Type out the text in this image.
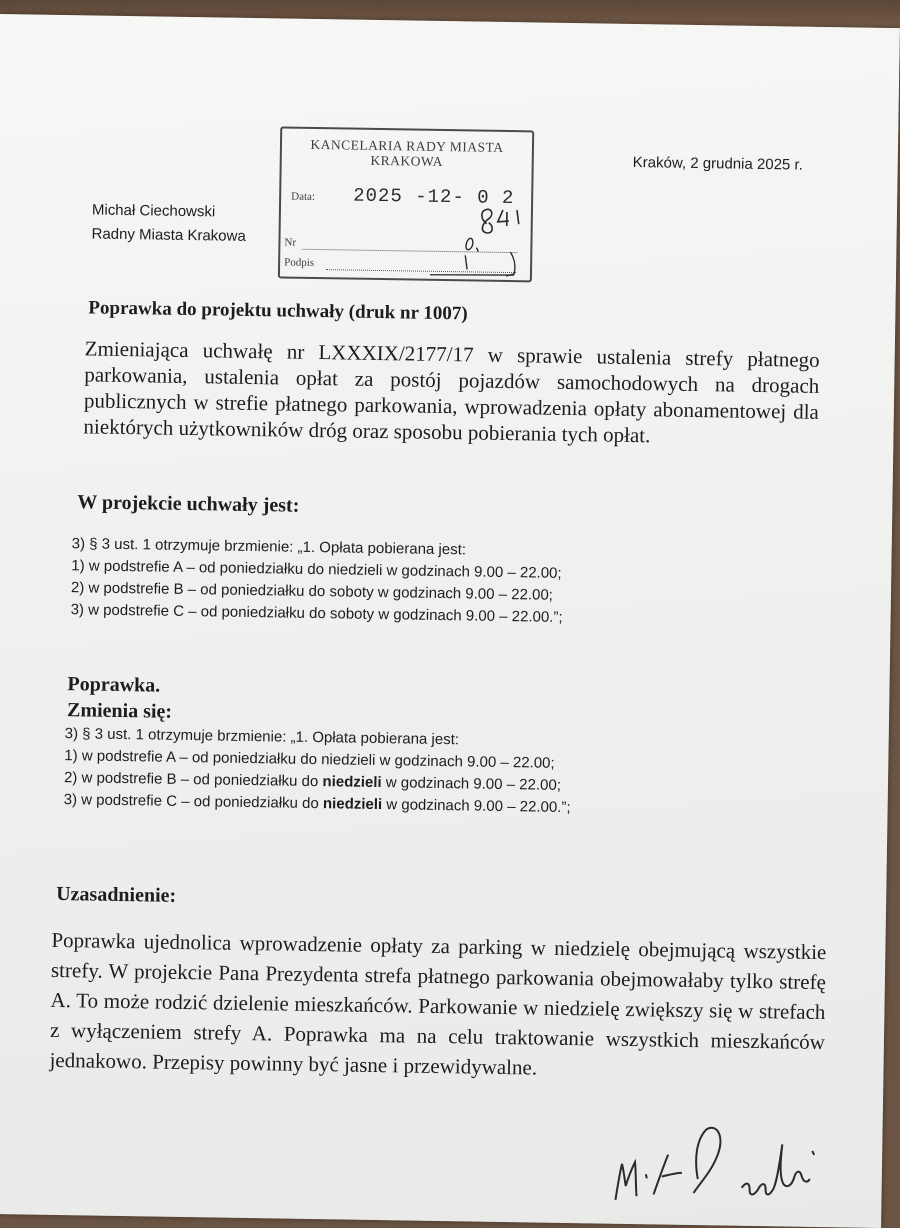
Kraków, 2 grudnia 2025 r.
Michał Ciechowski
Radny Miasta Krakowa
KANCELARIA RADY MIASTA
KRAKOWA
Data: 2025 -12- 0 2
Nr
Podpis
Poprawka do projektu uchwały (druk nr 1007)
Zmieniająca uchwałę nr LXXXIX/2177/17 w sprawie ustalenia strefy płatnego parkowania, ustalenia opłat za postój pojazdów samochodowych na drogach publicznych w strefie płatnego parkowania, wprowadzenia opłaty abonamentowej dla niektórych użytkowników dróg oraz sposobu pobierania tych opłat.
W projekcie uchwały jest:
3) § 3 ust. 1 otrzymuje brzmienie: „1. Opłata pobierana jest:
1) w podstrefie A – od poniedziałku do niedzieli w godzinach 9.00 – 22.00;
2) w podstrefie B – od poniedziałku do soboty w godzinach 9.00 – 22.00;
3) w podstrefie C – od poniedziałku do soboty w godzinach 9.00 – 22.00.”;
Poprawka.
Zmienia się:
3) § 3 ust. 1 otrzymuje brzmienie: „1. Opłata pobierana jest:
1) w podstrefie A – od poniedziałku do niedzieli w godzinach 9.00 – 22.00;
2) w podstrefie B – od poniedziałku do niedzieli w godzinach 9.00 – 22.00;
3) w podstrefie C – od poniedziałku do niedzieli w godzinach 9.00 – 22.00.”;
Uzasadnienie:

Poprawka ujednolica wprowadzenie opłaty za parking w niedzielę obejmującą wszystkie strefy. W projekcie Pana Prezydenta strefa płatnego parkowania obejmowałaby tylko strefę A. To może rodzić dzielenie mieszkańców. Parkowanie w niedzielę zwiększy się w strefach z wyłączeniem strefy A. Poprawka ma na celu traktowanie wszystkich mieszkańców jednakowo. Przepisy powinny być jasne i przewidywalne.
